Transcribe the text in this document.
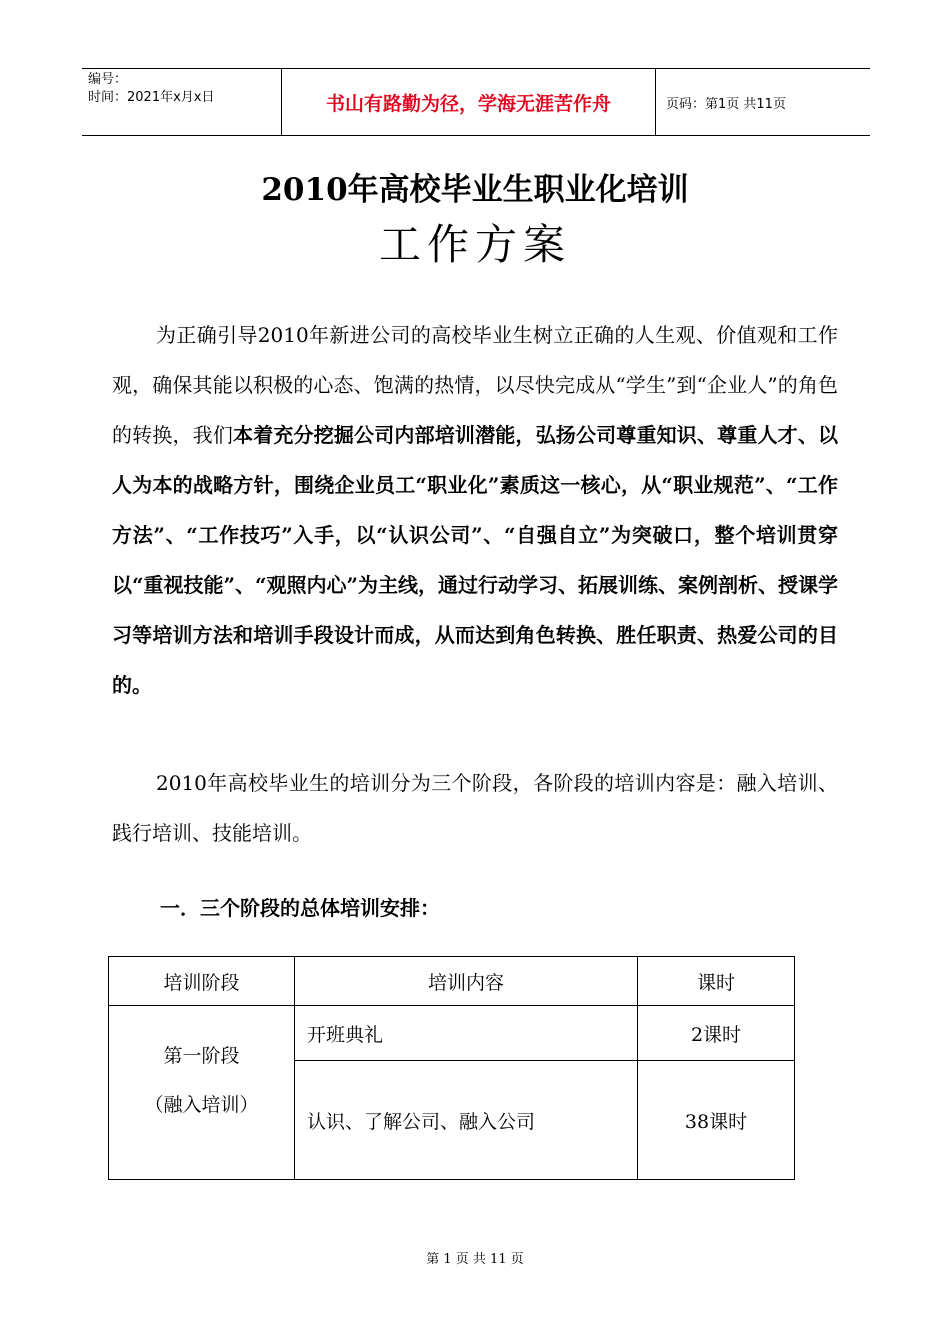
编号：
时间：2021年x月x日	书山有路勤为径，学海无涯苦作舟	页码：第1页 共11页
2010年高校毕业生职业化培训
工作方案
为正确引导2010年新进公司的高校毕业生树立正确的人生观、价值观和工作观，确保其能以积极的心态、饱满的热情，以尽快完成从“学生”到“企业人”的角色的转换，我们本着充分挖掘公司内部培训潜能，弘扬公司尊重知识、尊重人才、以人为本的战略方针，围绕企业员工“职业化”素质这一核心，从“职业规范”、“工作方法”、“工作技巧”入手，以“认识公司”、“自强自立”为突破口，整个培训贯穿以“重视技能”、“观照内心”为主线，通过行动学习、拓展训练、案例剖析、授课学习等培训方法和培训手段设计而成，从而达到角色转换、胜任职责、热爱公司的目的。
2010年高校毕业生的培训分为三个阶段，各阶段的培训内容是：融入培训、践行培训、技能培训。
一．三个阶段的总体培训安排：
培训阶段	培训内容	课时

第一阶段
（融入培训）	开班典礼	2课时
	认识、了解公司、融入公司	38课时
第 1 页 共 11 页
